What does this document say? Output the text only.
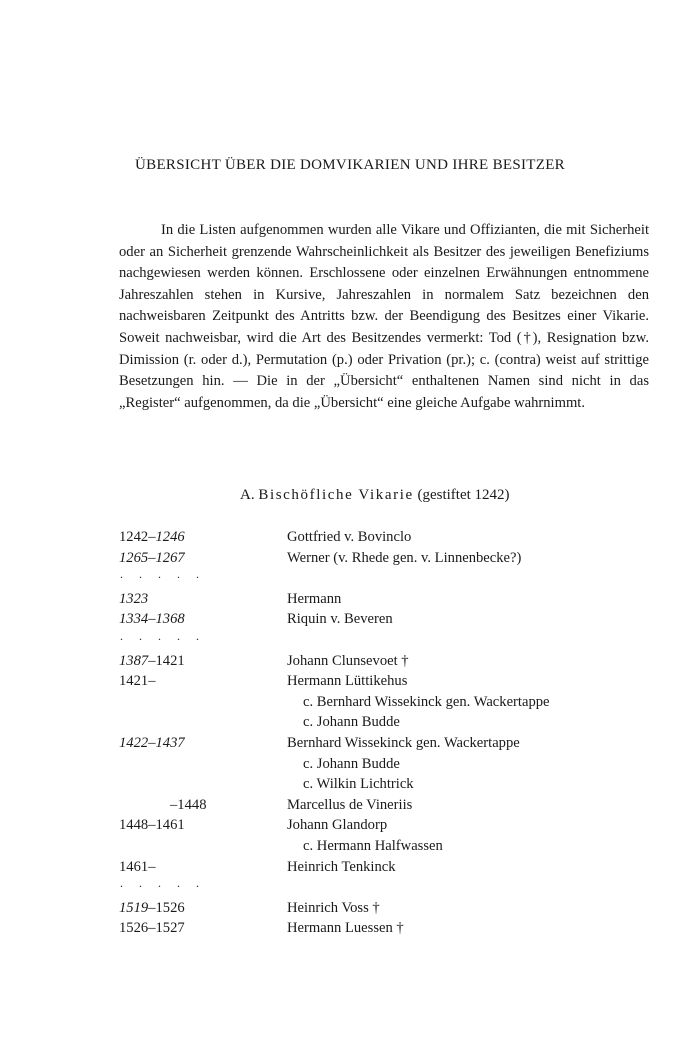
ÜBERSICHT ÜBER DIE DOMVIKARIEN UND IHRE BESITZER

In die Listen aufgenommen wurden alle Vikare und Offizianten, die mit Sicherheit oder an Sicherheit grenzende Wahrscheinlichkeit als Besitzer des jeweiligen Benefiziums nachgewiesen werden können. Erschlossene oder einzelnen Erwähnungen entnommene Jahreszahlen stehen in Kursive, Jahreszahlen in normalem Satz bezeichnen den nachweisbaren Zeitpunkt des Antritts bzw. der Beendigung des Besitzes einer Vikarie. Soweit nachweisbar, wird die Art des Besitzendes vermerkt: Tod (†), Resignation bzw. Dimission (r. oder d.), Permutation (p.) oder Privation (pr.); c. (contra) weist auf strittige Besetzungen hin. — Die in der „Übersicht“ enthaltenen Namen sind nicht in das „Register“ aufgenommen, da die „Übersicht“ eine gleiche Aufgabe wahrnimmt.

A. Bischöfliche Vikarie (gestiftet 1242)
1242–1246	Gottfried v. Bovinclo
1265–1267	Werner (v. Rhede gen. v. Linnenbecke?)
. . . . .
1323	Hermann
1334–1368	Riquin v. Beveren
. . . . .
1387–1421	Johann Clunsevoet †
1421–	Hermann Lüttikehus
c. Bernhard Wissekinck gen. Wackertappe
c. Johann Budde
1422–1437	Bernhard Wissekinck gen. Wackertappe
c. Johann Budde
c. Wilkin Lichtrick
–1448	Marcellus de Vineriis
1448–1461	Johann Glandorp
c. Hermann Halfwassen
1461–	Heinrich Tenkinck
. . . . .
1519–1526	Heinrich Voss †
1526–1527	Hermann Luessen †
